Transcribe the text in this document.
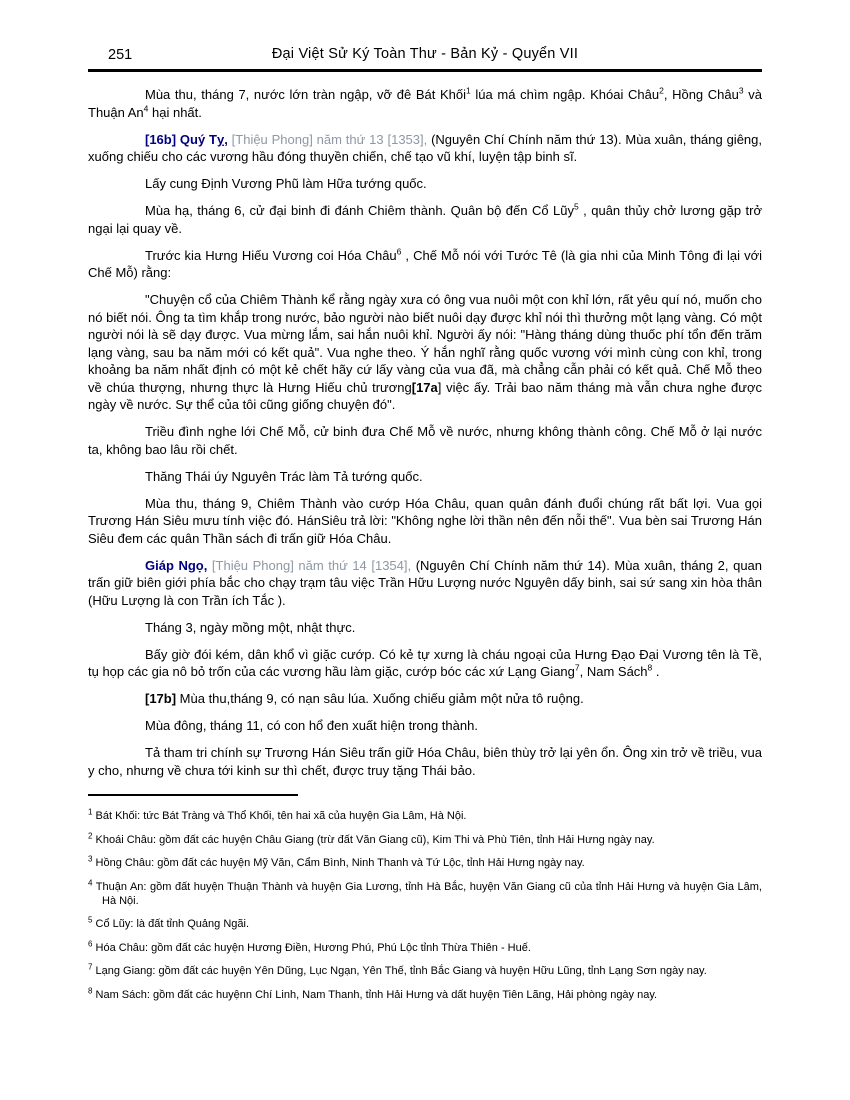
251	Đại Việt Sử Ký Toàn Thư - Bản Kỷ - Quyển VII
Mùa thu, tháng 7, nước lớn tràn ngập, vỡ đê Bát Khối$^1$ lúa má chìm ngập. Khóai Châu$^2$, Hồng Châu$^3$ và Thuận An$^4$ hại nhất.
[16b] Quý Tỵ, [Thiệu Phong] năm thứ 13 [1353], (Nguyên Chí Chính năm thứ 13). Mùa xuân, tháng giêng, xuống chiếu cho các vương hầu đóng thuyền chiến, chế tạo vũ khí, luyện tập binh sĩ.
Lấy cung Định Vương Phũ làm Hữa tướng quốc.
Mùa hạ, tháng 6, cử đại binh đi đánh Chiêm thành. Quân bộ đến Cổ Lũy$^5$ , quân thủy chở lương gặp trở ngại lại quay về.
Trước kia Hưng Hiếu Vương coi Hóa Châu$^6$ , Chế Mỗ nói với Tước Tê (là gia nhi của Minh Tông đi lại với Chế Mỗ) rằng:
"Chuyện cổ của Chiêm Thành kể rằng ngày xưa có ông vua nuôi một con khỉ lớn, rất yêu quí nó, muốn cho nó biết nói. Ông ta tìm khắp trong nước, bảo người nào biết nuôi dạy được khỉ nói thì thưởng một lạng vàng. Có một người nói là sẽ dạy được. Vua mừng lắm, sai hắn nuôi khỉ. Người ấy nói: "Hàng tháng dùng thuốc phí tổn đến trăm lạng vàng, sau ba năm mới có kết quả". Vua nghe theo. Ý hắn nghĩ rằng quốc vương với mình cùng con khỉ, trong khoảng ba năm nhất định có một kẻ chết hãy cứ lấy vàng của vua đã, mà chẳng cẫn phải có kết quả. Chế Mỗ theo về chúa thượng, nhưng thực là Hưng Hiếu chủ trương[17a] việc ấy. Trải bao năm tháng mà vẫn chưa nghe được ngày về nước. Sự thể của tôi cũng giống chuyện đó".
Triều đình nghe lới Chế Mỗ, cử binh đưa Chế Mỗ về nước, nhưng không thành công. Chế Mỗ ở lại nước ta, không bao lâu rồi chết.
Thăng Thái úy Nguyên Trác làm Tả tướng quốc.
Mùa thu, tháng 9, Chiêm Thành vào cướp Hóa Châu, quan quân đánh đuổi chúng rất bất lợi. Vua gọi Trương Hán Siêu mưu tính việc đó. HánSiêu trả lời: "Không nghe lời thần nên đến nỗi thế". Vua bèn sai Trương Hán Siêu đem các quân Thần sách đi trấn giữ Hóa Châu.
Giáp Ngọ, [Thiệu Phong] năm thứ 14 [1354], (Nguyên Chí Chính năm thứ 14). Mùa xuân, tháng 2, quan trấn giữ biên giới phía bắc cho chạy trạm tâu việc Trần Hữu Lượng nước Nguyên dấy binh, sai sứ sang xin hòa thân (Hữu Lượng là con Trần ích Tắc ).
Tháng 3, ngày mồng một, nhật thực.
Bấy giờ đói kém, dân khổ vì giặc cướp. Có kẻ tự xưng là cháu ngoại của Hưng Đạo Đại Vương tên là Tề, tụ họp các gia nô bỏ trốn của các vương hầu làm giặc, cướp bóc các xứ Lạng Giang$^7$, Nam Sách$^8$ .
[17b] Mùa thu,tháng 9, có nạn sâu lúa. Xuống chiếu giảm một nửa tô ruộng.
Mùa đông, tháng 11, có con hổ đen xuất hiện trong thành.
Tả tham tri chính sự Trương Hán Siêu trấn giữ Hóa Châu, biên thùy trở lại yên ổn. Ông xin trở về triều, vua y cho, nhưng về chưa tới kinh sư thì chết, được truy tặng Thái bảo.
$^1$ Bát Khối: tức Bát Tràng và Thổ Khối, tên hai xã của huyện Gia Lâm, Hà Nội.
$^2$ Khoái Châu: gồm đất các huyện Châu Giang (trừ đất Văn Giang cũ), Kim Thi và Phù Tiên, tỉnh Hải Hưng ngày nay.
$^3$ Hồng Châu: gồm đất các huyện Mỹ Văn, Cẩm Bình, Ninh Thanh và Tứ Lộc, tỉnh Hải Hưng ngày nay.
$^4$ Thuận An: gồm đất huyện Thuận Thành và huyện Gia Lương, tỉnh Hà Bắc, huyện Văn Giang cũ của tỉnh Hải Hưng và huyện Gia Lâm, Hà Nội.
$^5$ Cổ Lũy: là đất tỉnh Quảng Ngãi.
$^6$ Hóa Châu: gồm đất các huyện Hương Điền, Hương Phú, Phú Lộc tỉnh Thừa Thiên - Huế.
$^7$ Lạng Giang: gồm đất các huyện Yên Dũng, Lục Ngạn, Yên Thế, tỉnh Bắc Giang và huyện Hữu Lũng, tỉnh Lạng Sơn ngày nay.
$^8$ Nam Sách: gồm đất các huyệnn Chí Linh, Nam Thanh, tỉnh Hải Hưng và dất huyện Tiên Lãng, Hải phòng ngày nay.
